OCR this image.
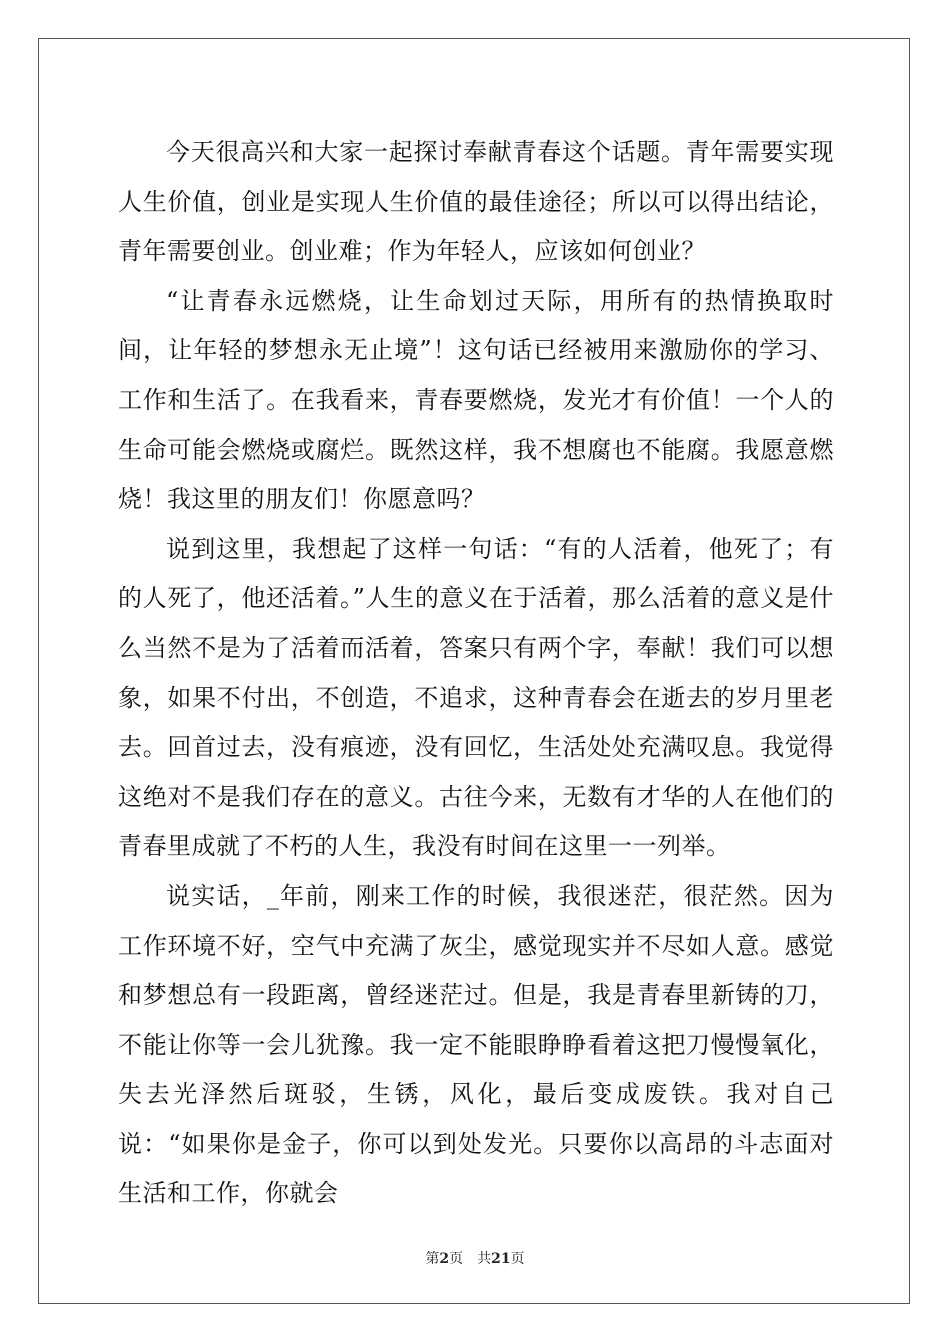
今天很高兴和大家一起探讨奉献青春这个话题。青年需要实现人生价值，创业是实现人生价值的最佳途径；所以可以得出结论，青年需要创业。创业难；作为年轻人，应该如何创业？

“让青春永远燃烧，让生命划过天际，用所有的热情换取时间，让年轻的梦想永无止境”！这句话已经被用来激励你的学习、工作和生活了。在我看来，青春要燃烧，发光才有价值！一个人的生命可能会燃烧或腐烂。既然这样，我不想腐也不能腐。我愿意燃烧！我这里的朋友们！你愿意吗？

说到这里，我想起了这样一句话：“有的人活着，他死了；有的人死了，他还活着。”人生的意义在于活着，那么活着的意义是什么当然不是为了活着而活着，答案只有两个字，奉献！我们可以想象，如果不付出，不创造，不追求，这种青春会在逝去的岁月里老去。回首过去，没有痕迹，没有回忆，生活处处充满叹息。我觉得这绝对不是我们存在的意义。古往今来，无数有才华的人在他们的青春里成就了不朽的人生，我没有时间在这里一一列举。

说实话，_年前，刚来工作的时候，我很迷茫，很茫然。因为工作环境不好，空气中充满了灰尘，感觉现实并不尽如人意。感觉和梦想总有一段距离，曾经迷茫过。但是，我是青春里新铸的刀，不能让你等一会儿犹豫。我一定不能眼睁睁看着这把刀慢慢氧化，失去光泽然后斑驳，生锈，风化，最后变成废铁。我对自己说：“如果你是金子，你可以到处发光。只要你以高昂的斗志面对生活和工作，你就会

第2页　共21页
